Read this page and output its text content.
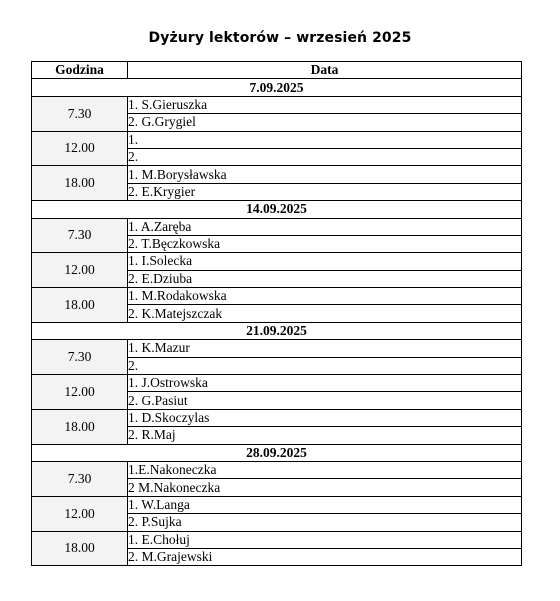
Dyżury lektorów – wrzesień 2025
Godzina	Data
7.09.2025	
7.30	1. S.Gieruszka
	2. G.Grygiel
12.00	1.
	2.
18.00	1. M.Borysławska
	2. E.Krygier
14.09.2025	
7.30	1. A.Zaręba
	2. T.Bęczkowska
12.00	1. I.Solecka
	2. E.Dziuba
18.00	1. M.Rodakowska
	2. K.Matejszczak
21.09.2025	
7.30	1. K.Mazur
	2.
12.00	1. J.Ostrowska
	2. G.Pasiut
18.00	1. D.Skoczylas
	2. R.Maj
28.09.2025	
7.30	1.E.Nakoneczka
	2 M.Nakoneczka
12.00	1. W.Langa
	2. P.Sujka
18.00	1. E.Chołuj
	2. M.Grajewski
